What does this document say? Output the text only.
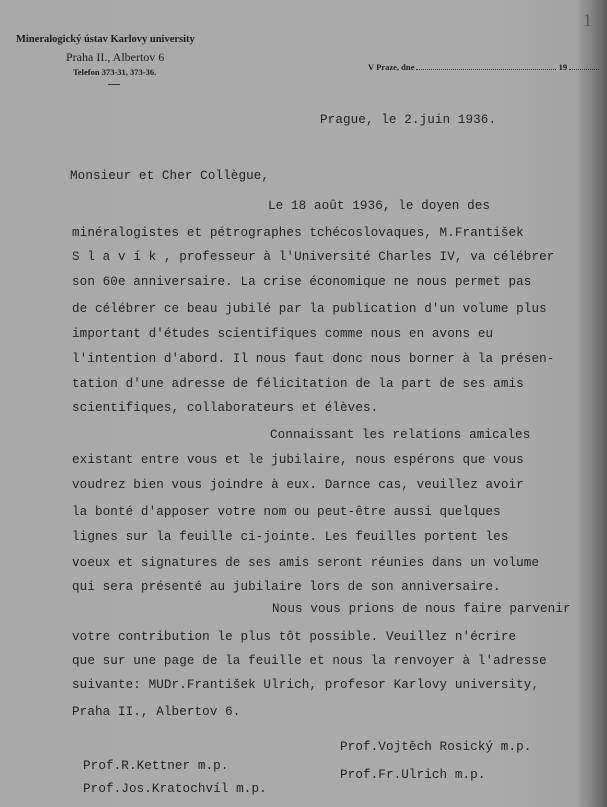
1
Mineralogický ústav Karlovy university
Praha II., Albertov 6
Telefon 373-31, 373-36.	V Praze, dne	19
Prague, le 2.juin 1936.
Monsieur et Cher Collègue,
Le 18 août 1936, le doyen des
minéralogistes et pétrographes tchécoslovaques, M.František
S l a v í k , professeur à l'Université Charles IV, va célébrer
son 60e anniversaire. La crise économique ne nous permet pas
de célébrer ce beau jubilé par la publication d'un volume plus
important d'études scientifiques comme nous en avons eu
l'intention d'abord. Il nous faut donc nous borner à la présen-
tation d'une adresse de félicitation de la part de ses amis
scientifiques, collaborateurs et élèves.
Connaissant les relations amicales
existant entre vous et le jubilaire, nous espérons que vous
voudrez bien vous joindre à eux. Darnce cas, veuillez avoir
la bonté d'apposer votre nom ou peut-être aussi quelques
lignes sur la feuille ci-jointe. Les feuilles portent les
voeux et signatures de ses amis seront réunies dans un volume
qui sera présenté au jubilaire lors de son anniversaire.
Nous vous prions de nous faire parvenir
votre contribution le plus tôt possible. Veuillez n'écrire
que sur une page de la feuille et nous la renvoyer à l'adresse
suivante: MUDr.František Ulrich, profesor Karlovy university,
Praha II., Albertov 6.
Prof.R.Kettner m.p.
Prof.Jos.Kratochvíl m.p.
Prof.Vojtěch Rosický m.p.
Prof.Fr.Ulrich m.p.
